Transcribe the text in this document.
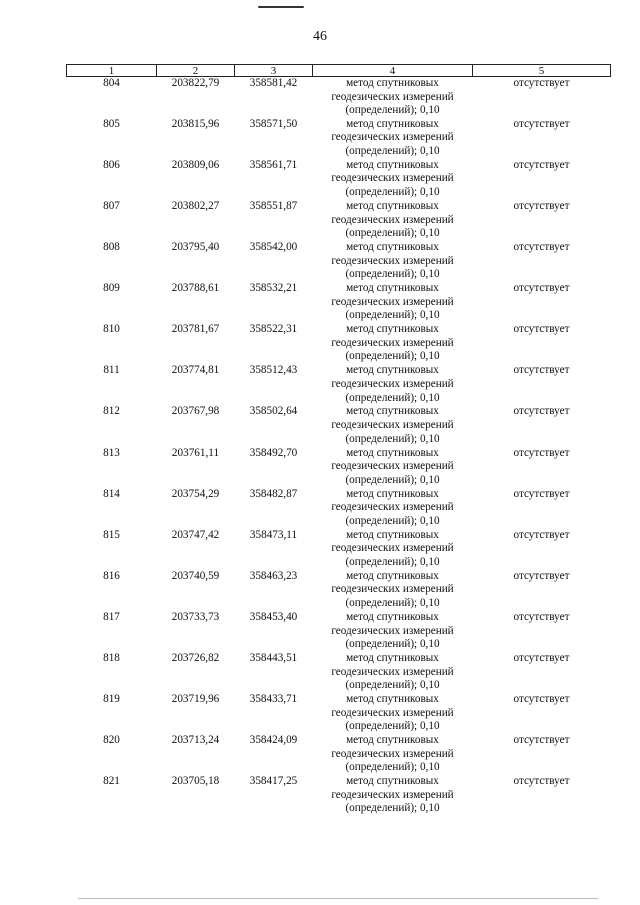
46
1	2	3	4	5
804	203822,79	358581,42	метод спутниковых
геодезических измерений
(определений); 0,10	отсутствует
805	203815,96	358571,50	метод спутниковых
геодезических измерений
(определений); 0,10	отсутствует
806	203809,06	358561,71	метод спутниковых
геодезических измерений
(определений); 0,10	отсутствует
807	203802,27	358551,87	метод спутниковых
геодезических измерений
(определений); 0,10	отсутствует
808	203795,40	358542,00	метод спутниковых
геодезических измерений
(определений); 0,10	отсутствует
809	203788,61	358532,21	метод спутниковых
геодезических измерений
(определений); 0,10	отсутствует
810	203781,67	358522,31	метод спутниковых
геодезических измерений
(определений); 0,10	отсутствует
811	203774,81	358512,43	метод спутниковых
геодезических измерений
(определений); 0,10	отсутствует
812	203767,98	358502,64	метод спутниковых
геодезических измерений
(определений); 0,10	отсутствует
813	203761,11	358492,70	метод спутниковых
геодезических измерений
(определений); 0,10	отсутствует
814	203754,29	358482,87	метод спутниковых
геодезических измерений
(определений); 0,10	отсутствует
815	203747,42	358473,11	метод спутниковых
геодезических измерений
(определений); 0,10	отсутствует
816	203740,59	358463,23	метод спутниковых
геодезических измерений
(определений); 0,10	отсутствует
817	203733,73	358453,40	метод спутниковых
геодезических измерений
(определений); 0,10	отсутствует
818	203726,82	358443,51	метод спутниковых
геодезических измерений
(определений); 0,10	отсутствует
819	203719,96	358433,71	метод спутниковых
геодезических измерений
(определений); 0,10	отсутствует
820	203713,24	358424,09	метод спутниковых
геодезических измерений
(определений); 0,10	отсутствует
821	203705,18	358417,25	метод спутниковых
геодезических измерений
(определений); 0,10	отсутствует
